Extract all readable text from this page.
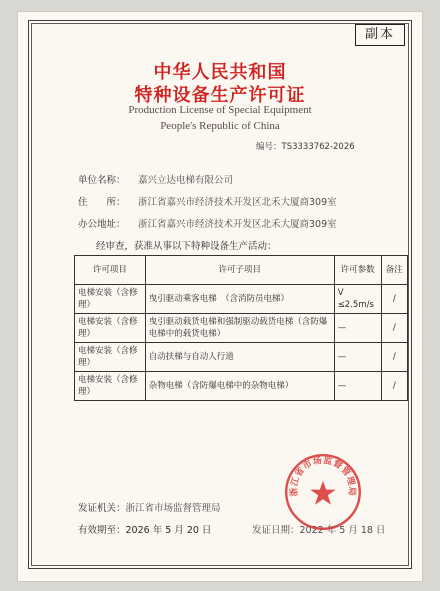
副本
中华人民共和国
特种设备生产许可证
Production License of Special Equipment
People's Republic of China
编号：TS3333762-2026
单位名称： 嘉兴立达电梯有限公司
住　　所： 浙江省嘉兴市经济技术开发区北禾大厦商309室
办公地址： 浙江省嘉兴市经济技术开发区北禾大厦商309室
经审查，获准从事以下特种设备生产活动：
许可项目	许可子项目	许可参数	备注
电梯安装（含修理）	曳引驱动乘客电梯　（含消防员电梯）	V　≤2.5m/s	/
电梯安装（含修理）	曳引驱动载货电梯和强制驱动载货电梯（含防爆电梯中的载货电梯）	—	/
电梯安装（含修理）	自动扶梯与自动人行道	—	/
电梯安装（含修理）	杂物电梯（含防爆电梯中的杂物电梯）	—	/
发证机关：浙江省市场监督管理局
有效期至：2026 年 5 月 20 日	发证日期：2022 年 5 月 18 日
浙江省市场监督管理局
